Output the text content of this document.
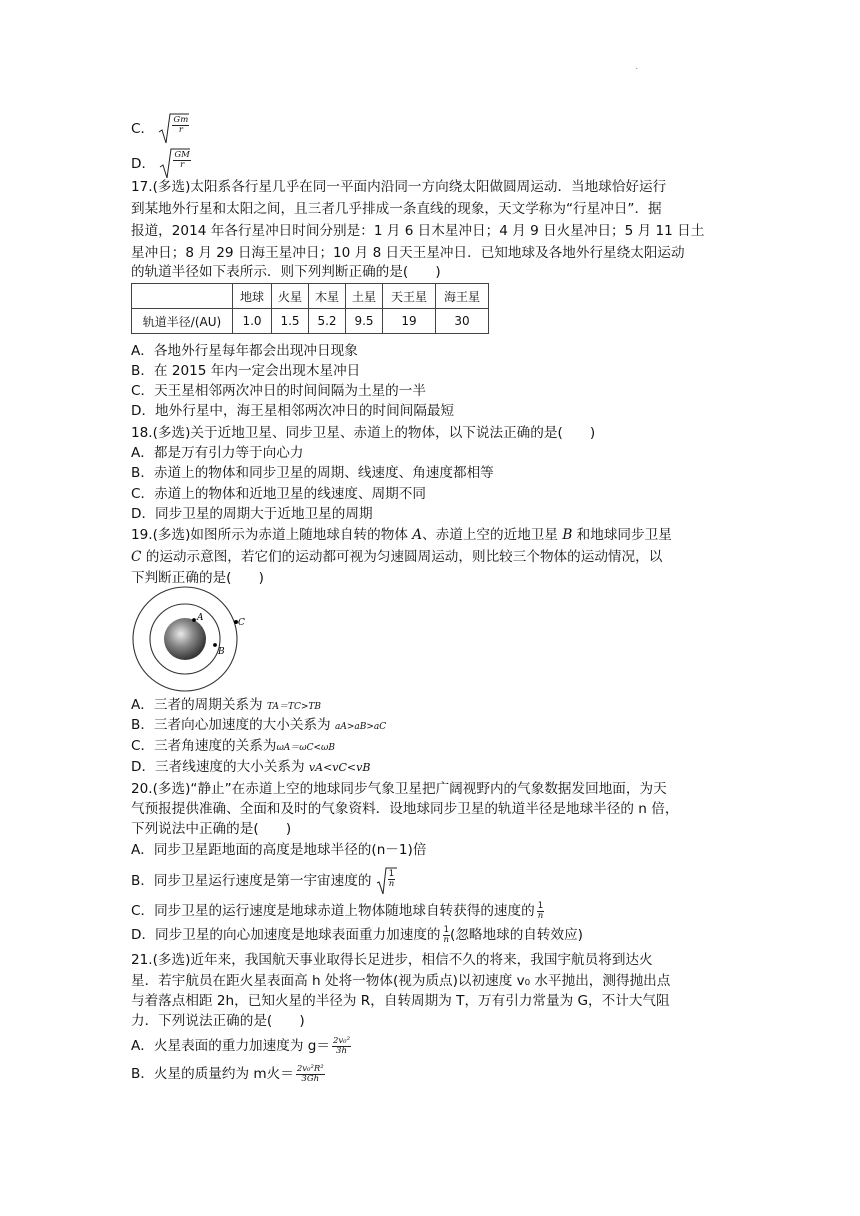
.
C． $\frac{Gm}{r}$
D． $\frac{GM}{r}$
17.(多选)太阳系各行星几乎在同一平面内沿同一方向绕太阳做圆周运动．当地球恰好运行
到某地外行星和太阳之间，且三者几乎排成一条直线的现象，天文学称为“行星冲日”．据
报道，2014 年各行星冲日时间分别是：1 月 6 日木星冲日；4 月 9 日火星冲日；5 月 11 日土
星冲日；8 月 29 日海王星冲日；10 月 8 日天王星冲日．已知地球及各地外行星绕太阳运动
的轨道半径如下表所示．则下列判断正确的是(　　)
	地球	火星	木星	土星	天王星	海王星
轨道半径/(AU)	1.0	1.5	5.2	9.5	19	30
A．各地外行星每年都会出现冲日现象
B．在 2015 年内一定会出现木星冲日
C．天王星相邻两次冲日的时间间隔为土星的一半
D．地外行星中，海王星相邻两次冲日的时间间隔最短
18.(多选)关于近地卫星、同步卫星、赤道上的物体，以下说法正确的是(　　)
A．都是万有引力等于向心力
B．赤道上的物体和同步卫星的周期、线速度、角速度都相等
C．赤道上的物体和近地卫星的线速度、周期不同
D．同步卫星的周期大于近地卫星的周期
19.(多选)如图所示为赤道上随地球自转的物体 A、赤道上空的近地卫星 B 和地球同步卫星
C 的运动示意图，若它们的运动都可视为匀速圆周运动，则比较三个物体的运动情况，以
下判断正确的是(　　)
A
B
C
A．三者的周期关系为 TA＝TC>TB
B．三者向心加速度的大小关系为 aA>aB>aC
C．三者角速度的关系为ωA＝ωC<ωB
D．三者线速度的大小关系为 vA<vC<vB
20.(多选)“静止”在赤道上空的地球同步气象卫星把广阔视野内的气象数据发回地面，为天
气预报提供准确、全面和及时的气象资料．设地球同步卫星的轨道半径是地球半径的 n 倍，
下列说法中正确的是(　　)
A．同步卫星距地面的高度是地球半径的(n－1)倍
B．同步卫星运行速度是第一宇宙速度的 $\frac{1}{n}$
C．同步卫星的运行速度是地球赤道上物体随地球自转获得的速度的 $\frac{1}{n}$
D．同步卫星的向心加速度是地球表面重力加速度的 $\frac{1}{n}$ (忽略地球的自转效应)
21.(多选)近年来，我国航天事业取得长足进步，相信不久的将来，我国宇航员将到达火
星．若宇航员在距火星表面高 h 处将一物体(视为质点)以初速度 v₀ 水平抛出，测得抛出点
与着落点相距 2h，已知火星的半径为 R，自转周期为 T，万有引力常量为 G，不计大气阻
力．下列说法正确的是(　　)
A．火星表面的重力加速度为 $g= \frac{\text{2v₀²}}{3h}$
B．火星的质量约为 m火＝ $\frac{\text{2v₀²R²}}{3Gh}$
